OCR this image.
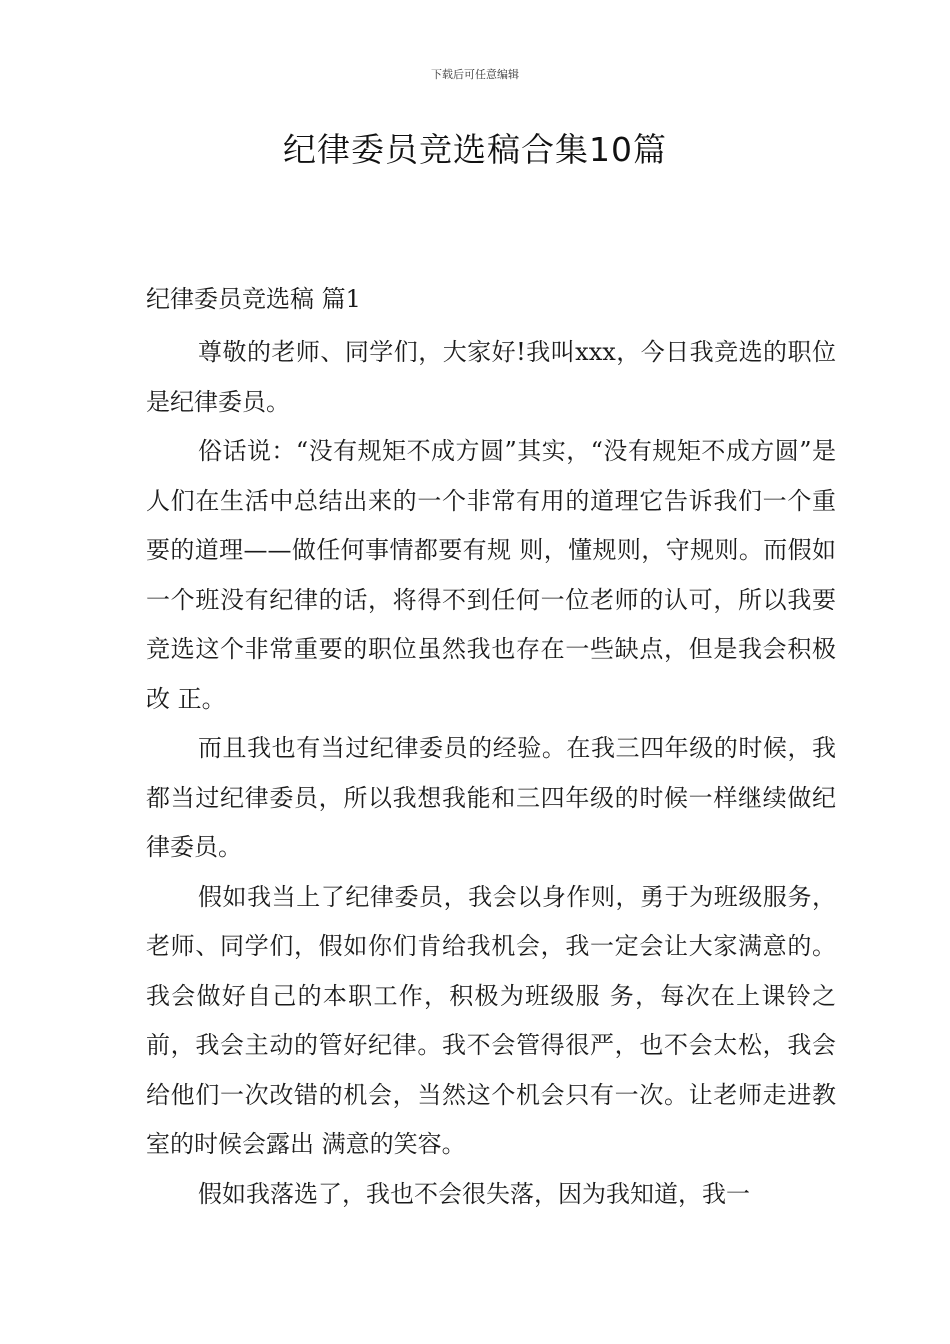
下载后可任意编辑
纪律委员竞选稿合集10篇
纪律委员竞选稿 篇1

尊敬的老师、同学们，大家好!我叫xxx，今日我竞选的职位是纪律委员。

俗话说：“没有规矩不成方圆”其实，“没有规矩不成方圆”是人们在生活中总结出来的一个非常有用的道理它告诉我们一个重要的道理——做任何事情都要有规 则，懂规则，守规则。而假如一个班没有纪律的话，将得不到任何一位老师的认可，所以我要竞选这个非常重要的职位虽然我也存在一些缺点，但是我会积极改 正。

而且我也有当过纪律委员的经验。在我三四年级的时候，我都当过纪律委员，所以我想我能和三四年级的时候一样继续做纪律委员。

假如我当上了纪律委员，我会以身作则，勇于为班级服务，老师、同学们，假如你们肯给我机会，我一定会让大家满意的。我会做好自己的本职工作，积极为班级服 务，每次在上课铃之前，我会主动的管好纪律。我不会管得很严，也不会太松，我会给他们一次改错的机会，当然这个机会只有一次。让老师走进教室的时候会露出 满意的笑容。

假如我落选了，我也不会很失落，因为我知道，我一
